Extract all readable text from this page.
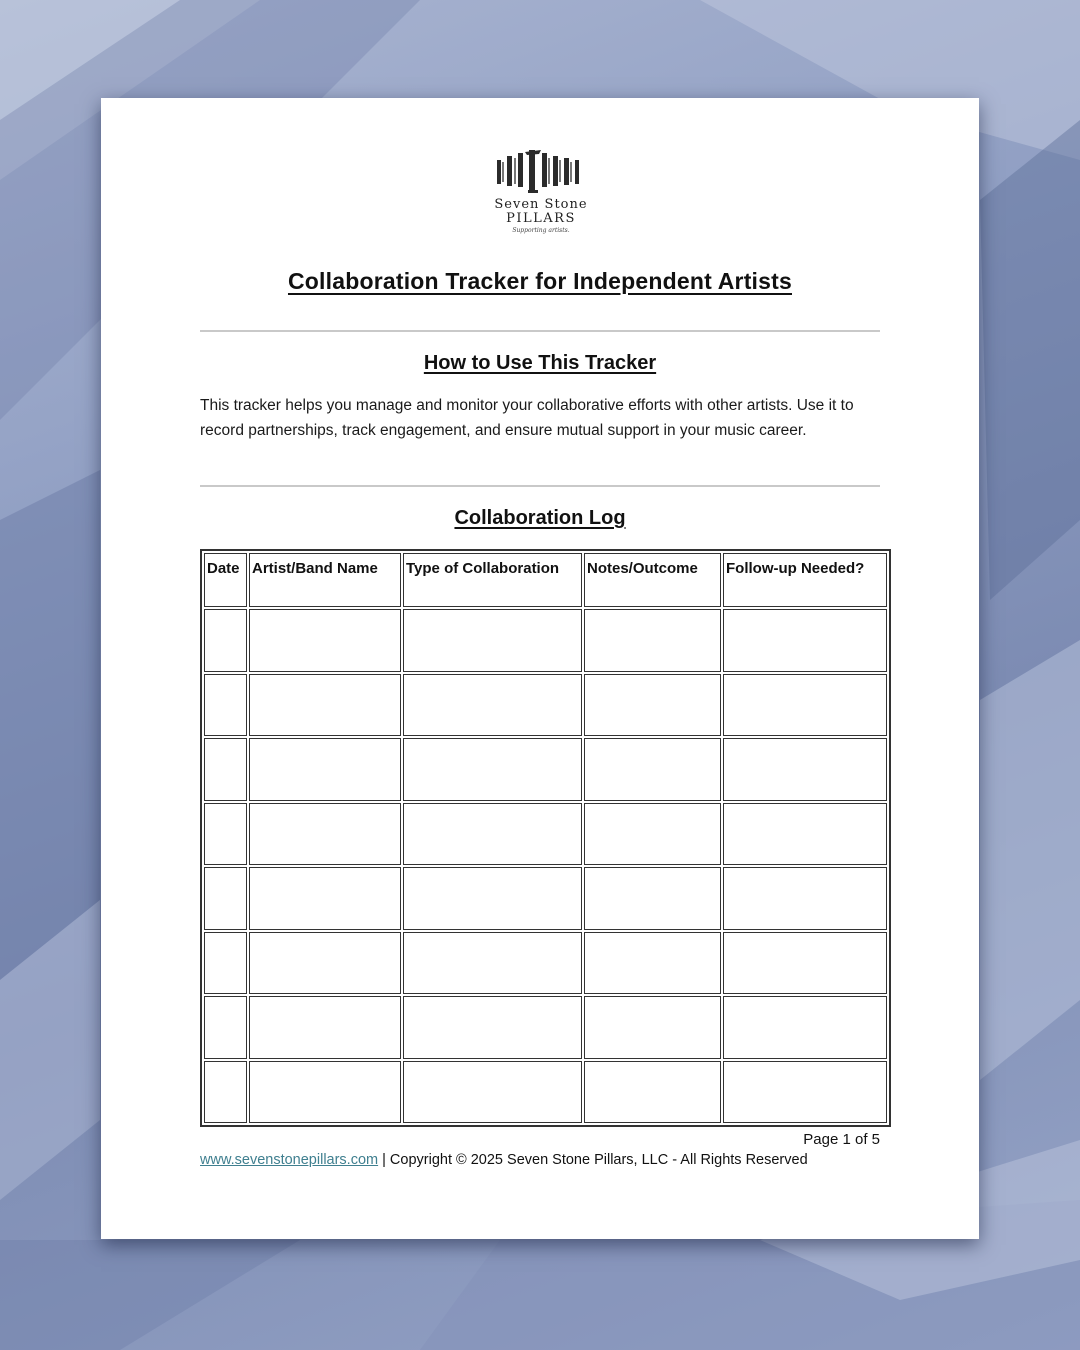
Seven Stone
PILLARS
Supporting artists.
Collaboration Tracker for Independent Artists
How to Use This Tracker

This tracker helps you manage and monitor your collaborative efforts with other artists. Use it to record partnerships, track engagement, and ensure mutual support in your music career.

Collaboration Log
Date	Artist/Band Name	Type of Collaboration	Notes/Outcome	Follow-up Needed?

Page 1 of 5
www.sevenstonepillars.com | Copyright © 2025 Seven Stone Pillars, LLC - All Rights Reserved
